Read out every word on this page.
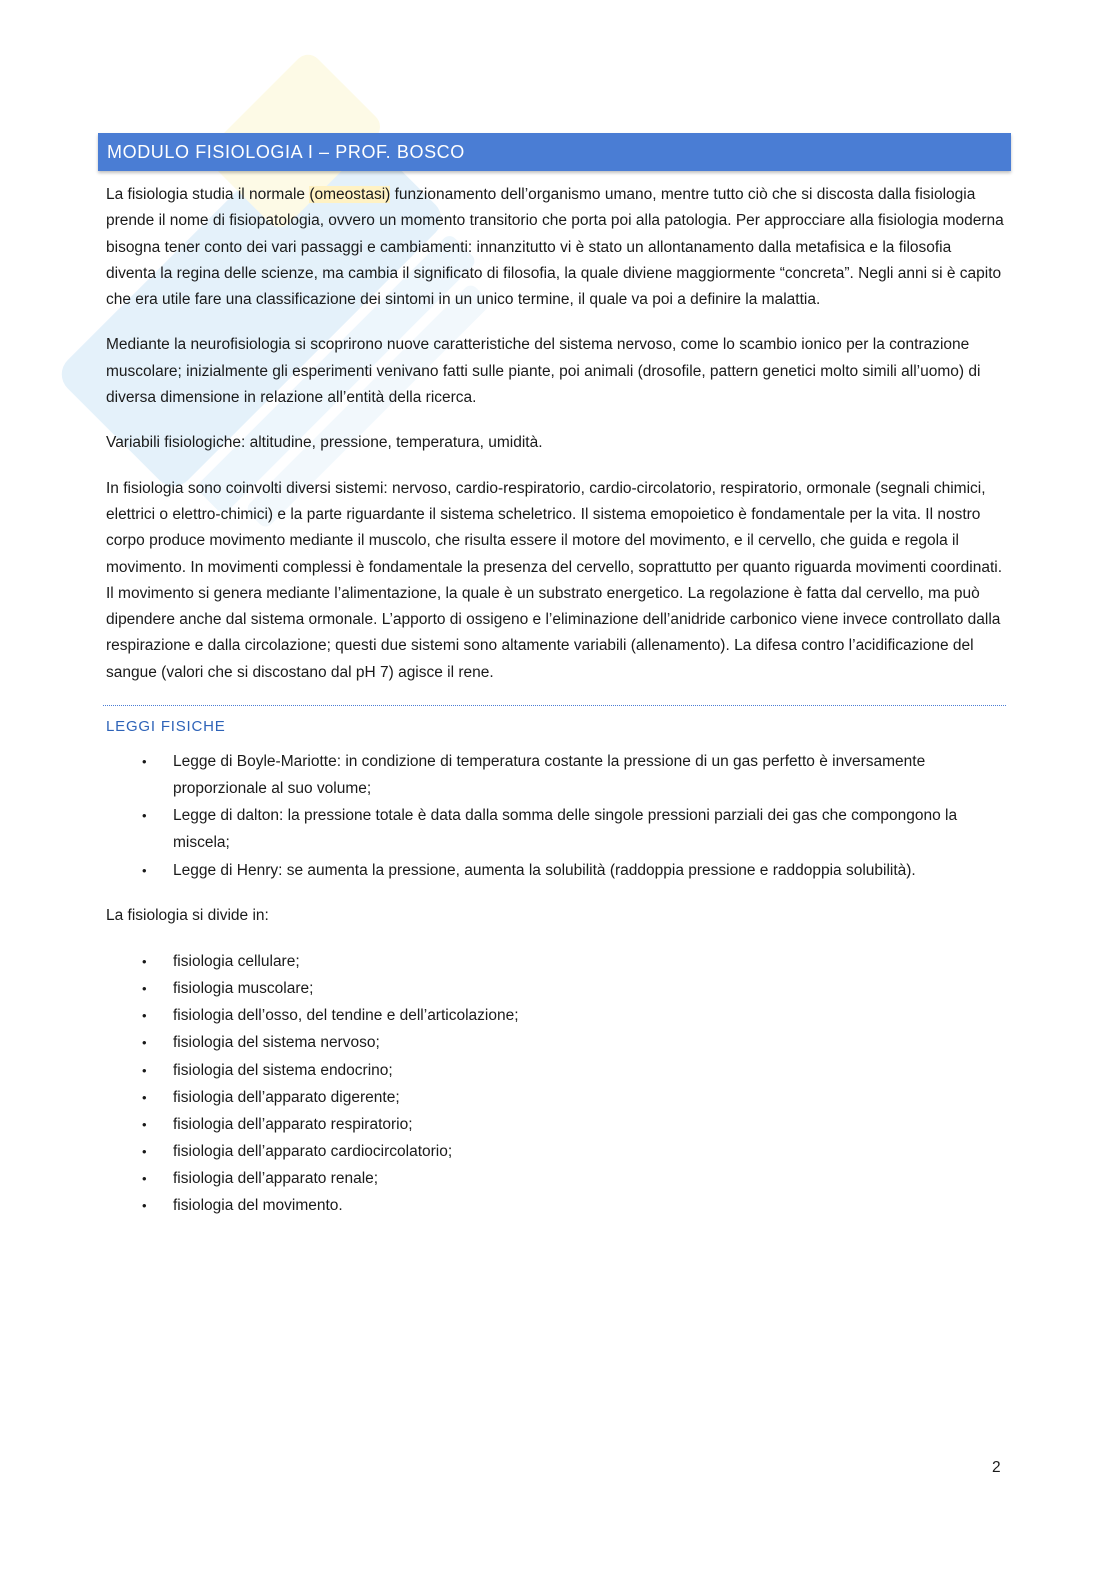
MODULO FISIOLOGIA I – PROF. BOSCO

La fisiologia studia il normale (omeostasi) funzionamento dell’organismo umano, mentre tutto ciò che si discosta dalla fisiologia prende il nome di fisiopatologia, ovvero un momento transitorio che porta poi alla patologia. Per approcciare alla fisiologia moderna bisogna tener conto dei vari passaggi e cambiamenti: innanzitutto vi è stato un allontanamento dalla metafisica e la filosofia diventa la regina delle scienze, ma cambia il significato di filosofia, la quale diviene maggiormente “concreta”. Negli anni si è capito che era utile fare una classificazione dei sintomi in un unico termine, il quale va poi a definire la malattia.

Mediante la neurofisiologia si scoprirono nuove caratteristiche del sistema nervoso, come lo scambio ionico per la contrazione muscolare; inizialmente gli esperimenti venivano fatti sulle piante, poi animali (drosofile, pattern genetici molto simili all’uomo) di diversa dimensione in relazione all’entità della ricerca.

Variabili fisiologiche: altitudine, pressione, temperatura, umidità.

In fisiologia sono coinvolti diversi sistemi: nervoso, cardio-respiratorio, cardio-circolatorio, respiratorio, ormonale (segnali chimici, elettrici o elettro-chimici) e la parte riguardante il sistema scheletrico. Il sistema emopoietico è fondamentale per la vita. Il nostro corpo produce movimento mediante il muscolo, che risulta essere il motore del movimento, e il cervello, che guida e regola il movimento. In movimenti complessi è fondamentale la presenza del cervello, soprattutto per quanto riguarda movimenti coordinati. Il movimento si genera mediante l’alimentazione, la quale è un substrato energetico. La regolazione è fatta dal cervello, ma può dipendere anche dal sistema ormonale. L’apporto di ossigeno e l’eliminazione dell’anidride carbonico viene invece controllato dalla respirazione e dalla circolazione; questi due sistemi sono altamente variabili (allenamento). La difesa contro l’acidificazione del sangue (valori che si discostano dal pH 7) agisce il rene.

LEGGI FISICHE
• Legge di Boyle-Mariotte: in condizione di temperatura costante la pressione di un gas perfetto è inversamente proporzionale al suo volume;
• Legge di dalton: la pressione totale è data dalla somma delle singole pressioni parziali dei gas che compongono la miscela;
• Legge di Henry: se aumenta la pressione, aumenta la solubilità (raddoppia pressione e raddoppia solubilità).

La fisiologia si divide in:

• fisiologia cellulare;
• fisiologia muscolare;
• fisiologia dell’osso, del tendine e dell’articolazione;
• fisiologia del sistema nervoso;
• fisiologia del sistema endocrino;
• fisiologia dell’apparato digerente;
• fisiologia dell’apparato respiratorio;
• fisiologia dell’apparato cardiocircolatorio;
• fisiologia dell’apparato renale;
• fisiologia del movimento.
2
